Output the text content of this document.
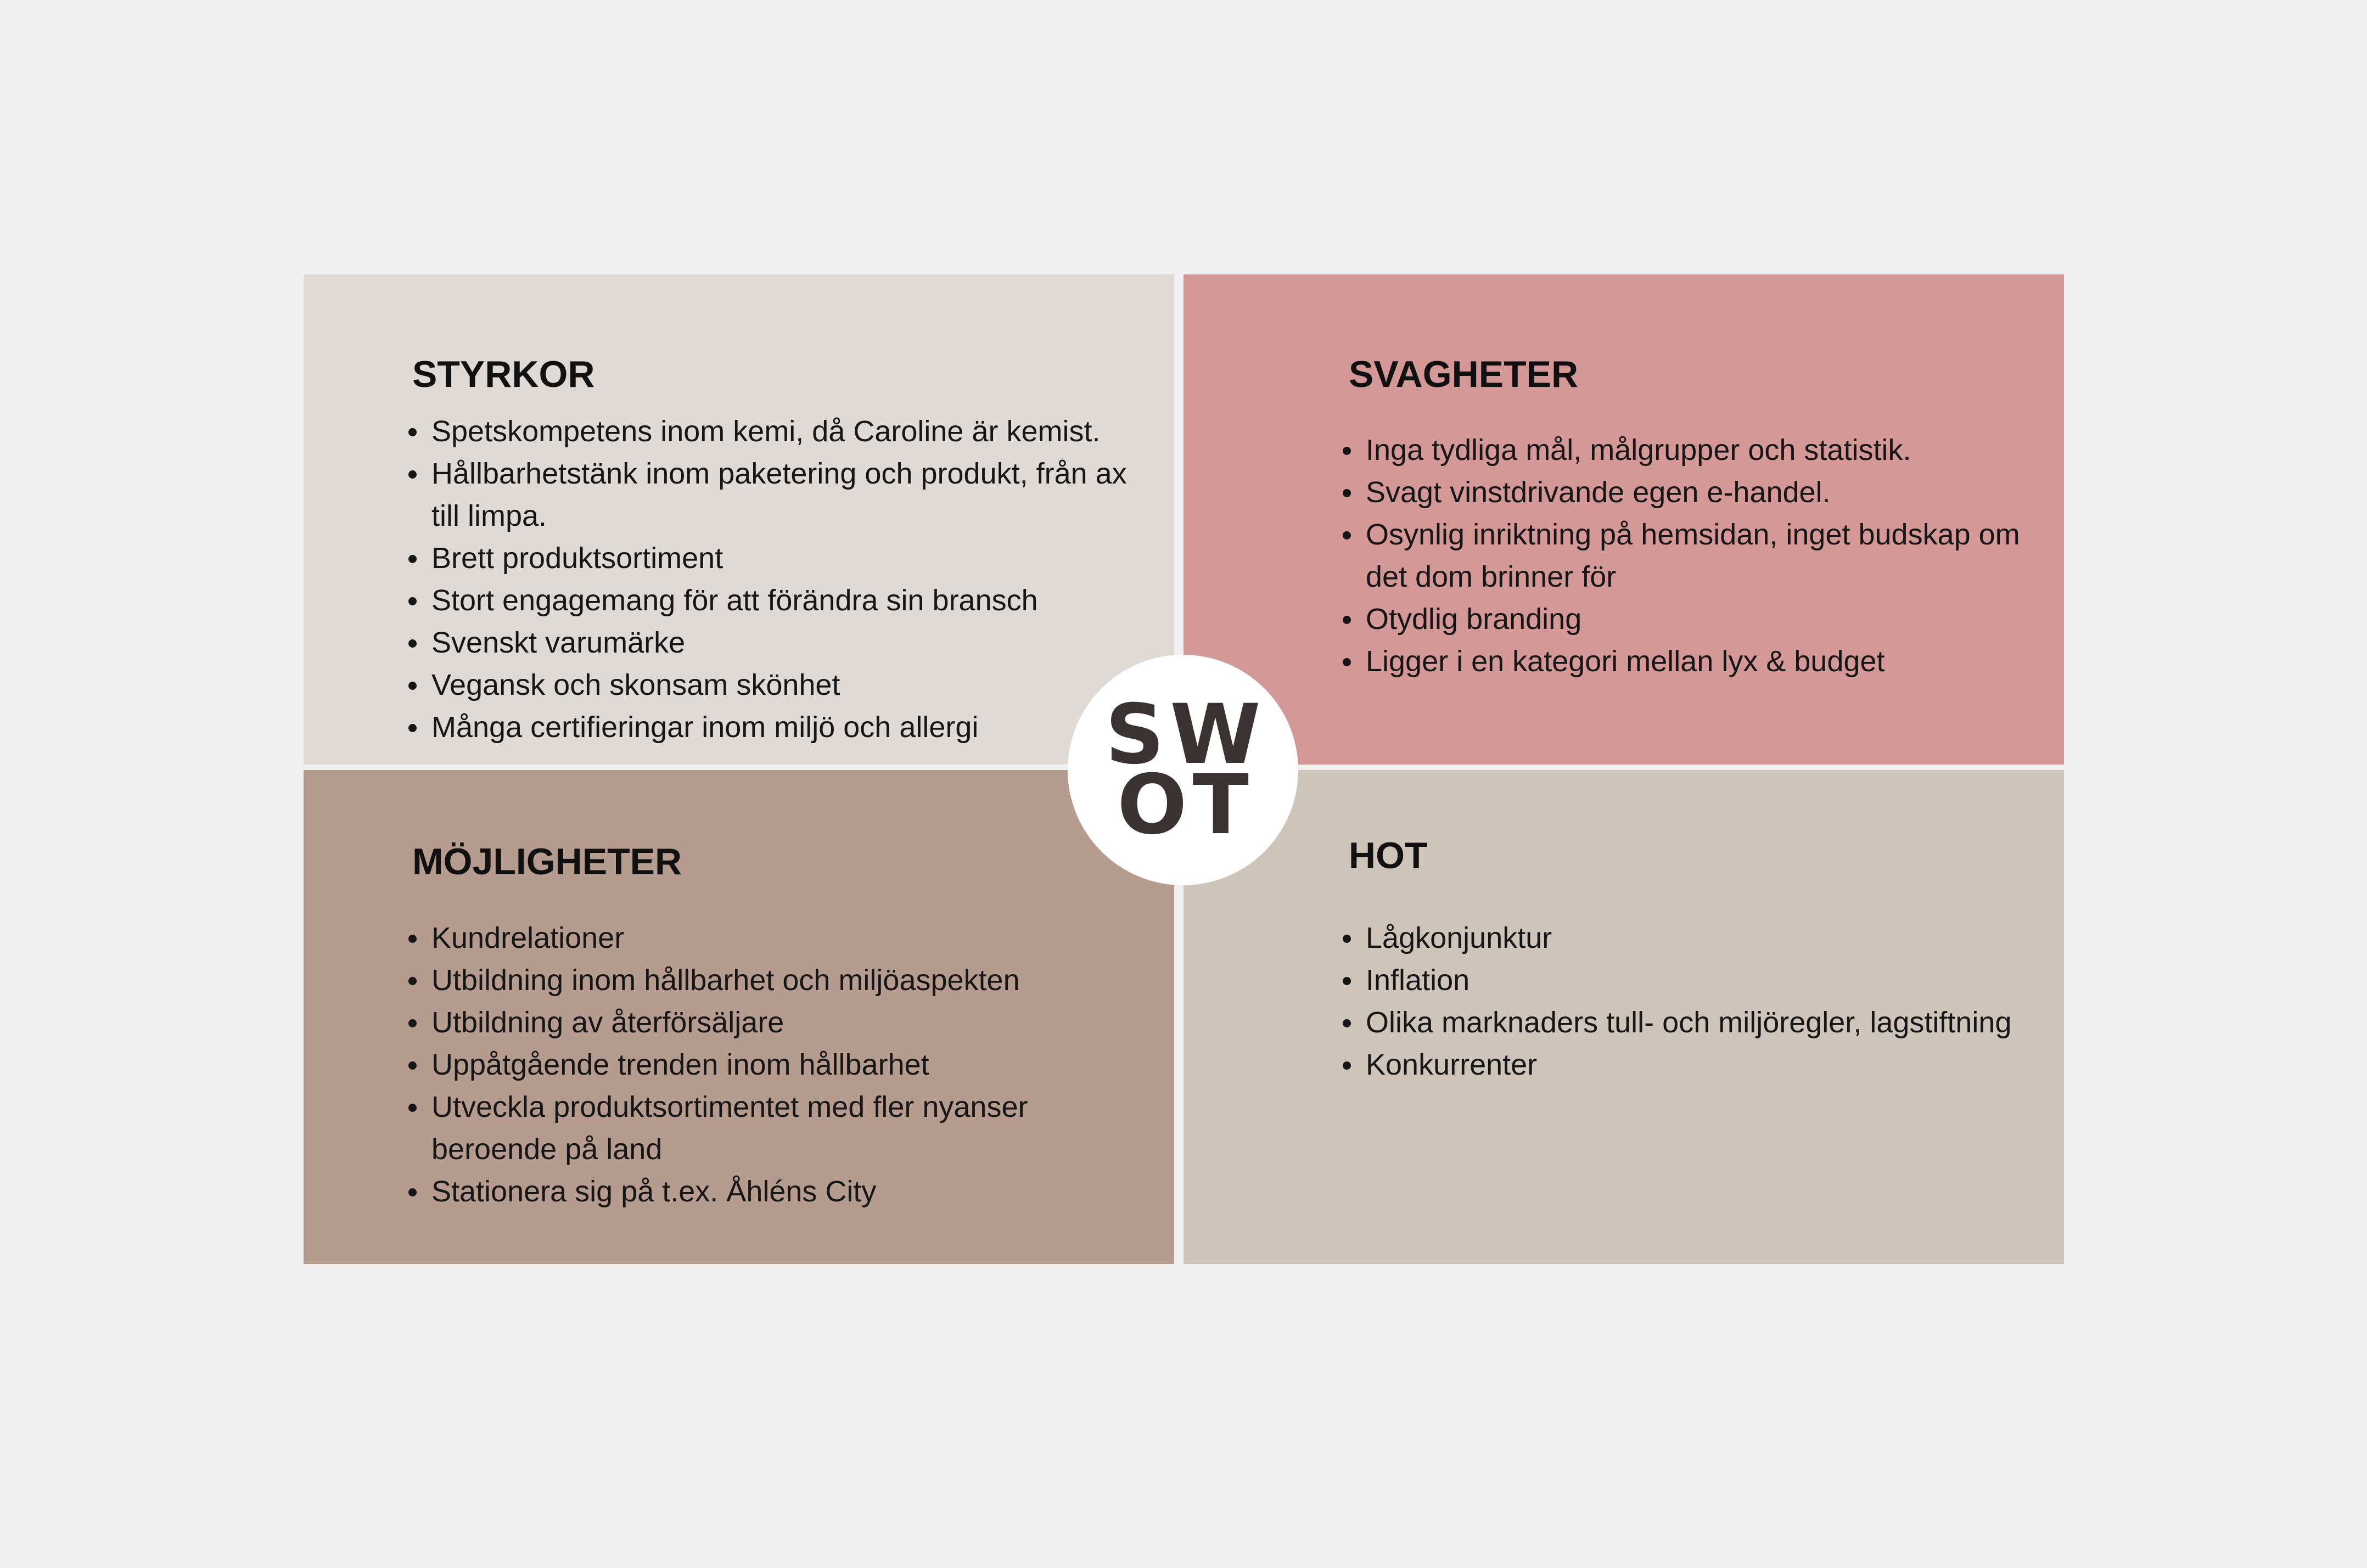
STYRKOR
Spetskompetens inom kemi, då Caroline är kemist.
Hållbarhetstänk inom paketering och produkt, från ax till limpa.
Brett produktsortiment
Stort engagemang för att förändra sin bransch
Svenskt varumärke
Vegansk och skonsam skönhet
Många certifieringar inom miljö och allergi
SVAGHETER
Inga tydliga mål, målgrupper och statistik.
Svagt vinstdrivande egen e-handel.
Osynlig inriktning på hemsidan, inget budskap om det dom brinner för
Otydlig branding
Ligger i en kategori mellan lyx & budget
MÖJLIGHETER
Kundrelationer
Utbildning inom hållbarhet och miljöaspekten
Utbildning av återförsäljare
Uppåtgående trenden inom hållbarhet
Utveckla produktsortimentet med fler nyanser beroende på land
Stationera sig på t.ex. Åhléns City
HOT
Lågkonjunktur
Inflation
Olika marknaders tull- och miljöregler, lagstiftning
Konkurrenter
SW
OT
